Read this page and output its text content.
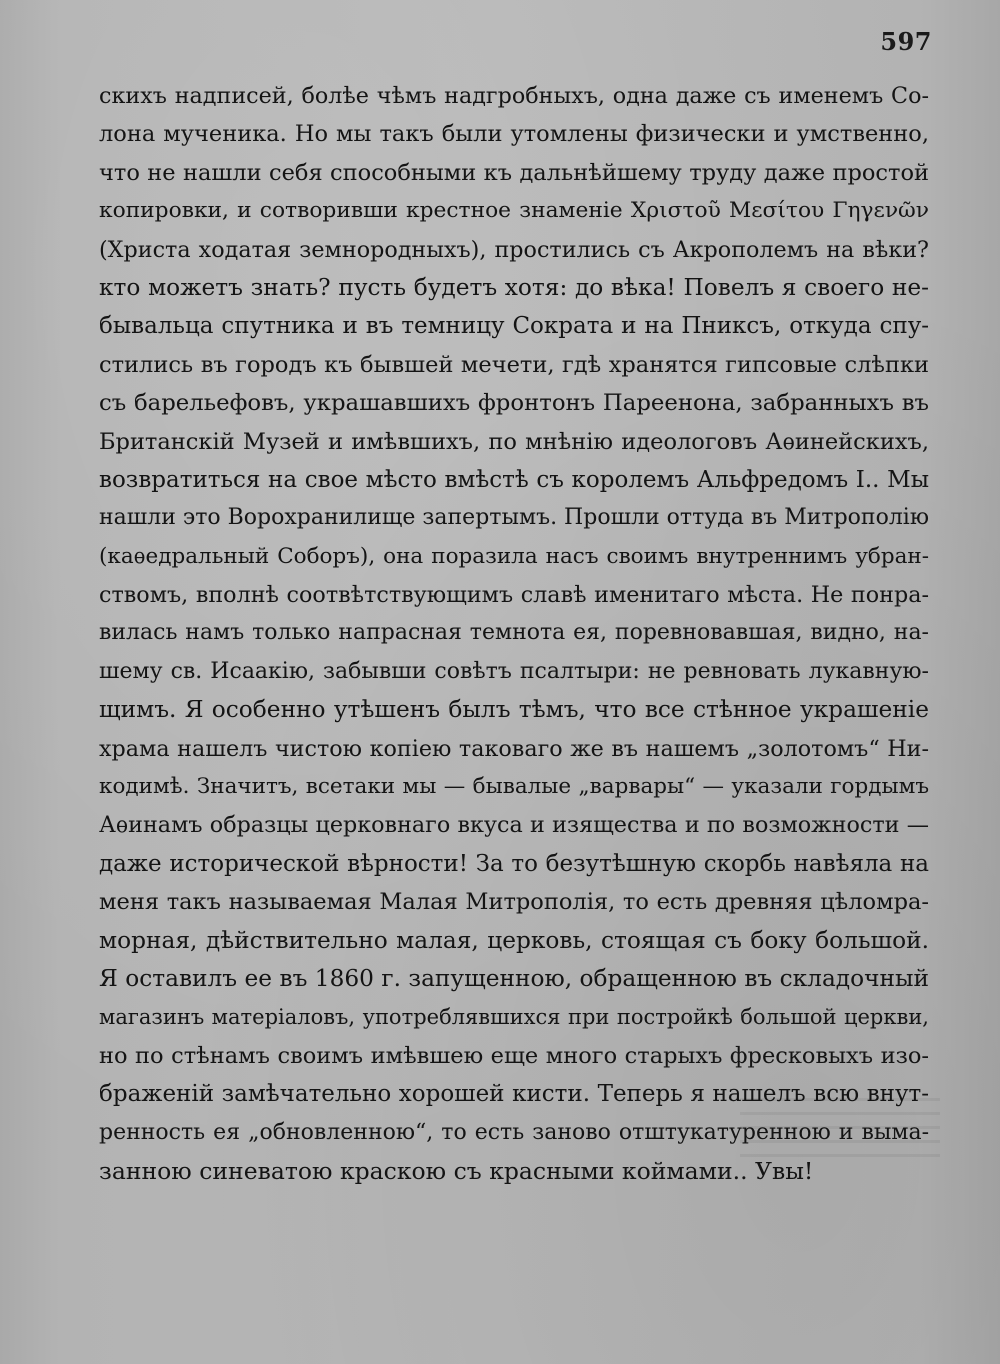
597
скихъ надписей, болѣе чѣмъ надгробныхъ, одна даже съ именемъ Со-
лона мученика. Но мы такъ были утомлены физически и умственно,
что не нашли себя способными къ дальнѣйшему труду даже простой
копировки, и сотворивши крестное знаменіе Χριστοῦ Μεσίτου Γηγενῶν
(Христа ходатая земнородныхъ), простились съ Акрополемъ на вѣки?
кто можетъ знать? пусть будетъ хотя: до вѣка! Повелъ я своего не-
бывальца спутника и въ темницу Сократа и на Пниксъ, откуда спу-
стились въ городъ къ бывшей мечети, гдѣ хранятся гипсовые слѣпки
съ барельефовъ, украшавшихъ фронтонъ Пареенона, забранныхъ въ
Британскій Музей и имѣвшихъ, по мнѣнію идеологовъ Аѳинейскихъ,
возвратиться на свое мѣсто вмѣстѣ съ королемъ Альфредомъ I.. Мы
нашли это Ворохранилище запертымъ. Прошли оттуда въ Митрополію
(каѳедральный Соборъ), она поразила насъ своимъ внутреннимъ убран-
ствомъ, вполнѣ соотвѣтствующимъ славѣ именитаго мѣста. Не понра-
вилась намъ только напрасная темнота ея, поревновавшая, видно, на-
шему св. Исаакію, забывши совѣтъ псалтыри: не ревновать лукавную-
щимъ. Я особенно утѣшенъ былъ тѣмъ, что все стѣнное украшеніе
храма нашелъ чистою копіею таковаго же въ нашемъ „золотомъ“ Ни-
кодимѣ. Значитъ, всетаки мы — бывалые „варвары“ — указали гордымъ
Аѳинамъ образцы церковнаго вкуса и изящества и по возможности —
даже исторической вѣрности! За то безутѣшную скорбь навѣяла на
меня такъ называемая Малая Митрополія, то есть древняя цѣломра-
морная, дѣйствительно малая, церковь, стоящая съ боку большой.
Я оставилъ ее въ 1860 г. запущенною, обращенною въ складочный
магазинъ матеріаловъ, употреблявшихся при постройкѣ большой церкви,
но по стѣнамъ своимъ имѣвшею еще много старыхъ фресковыхъ изо-
браженій замѣчательно хорошей кисти. Теперь я нашелъ всю внут-
ренность ея „обновленною“, то есть заново отштукатуренною и выма-
занною синеватою краскою съ красными коймами.. Увы!
